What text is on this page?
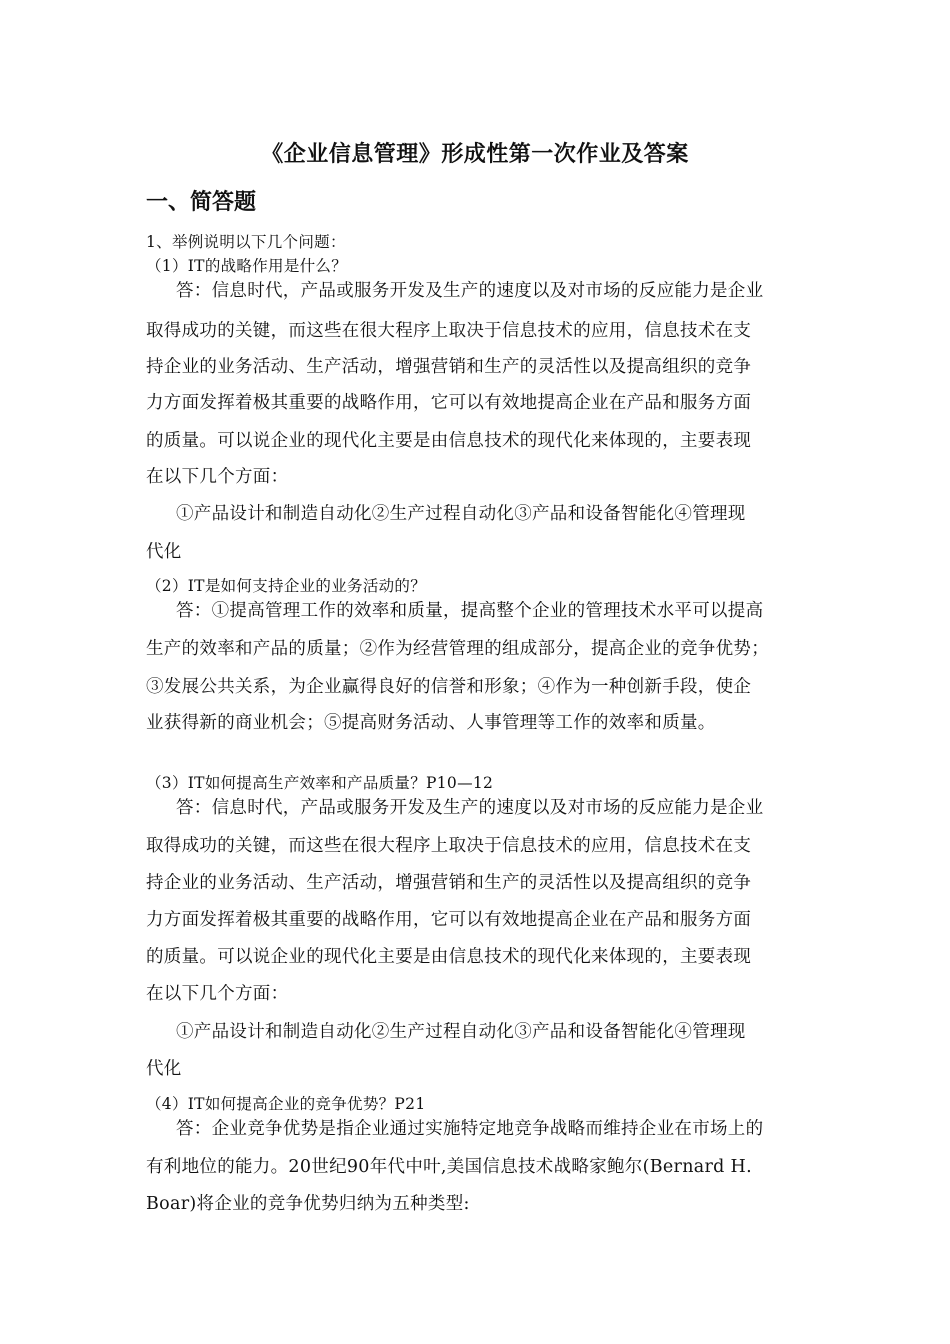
《企业信息管理》形成性第一次作业及答案
一、简答题
1、举例说明以下几个问题：
（1）IT的战略作用是什么？
答：信息时代，产品或服务开发及生产的速度以及对市场的反应能力是企业
取得成功的关键，而这些在很大程序上取决于信息技术的应用，信息技术在支
持企业的业务活动、生产活动，增强营销和生产的灵活性以及提高组织的竞争
力方面发挥着极其重要的战略作用，它可以有效地提高企业在产品和服务方面
的质量。可以说企业的现代化主要是由信息技术的现代化来体现的，主要表现
在以下几个方面：
①产品设计和制造自动化②生产过程自动化③产品和设备智能化④管理现
代化
（2）IT是如何支持企业的业务活动的？
答：①提高管理工作的效率和质量，提高整个企业的管理技术水平可以提高
生产的效率和产品的质量；②作为经营管理的组成部分，提高企业的竞争优势；
③发展公共关系，为企业赢得良好的信誉和形象；④作为一种创新手段，使企
业获得新的商业机会；⑤提高财务活动、人事管理等工作的效率和质量。
（3）IT如何提高生产效率和产品质量？P10—12
答：信息时代，产品或服务开发及生产的速度以及对市场的反应能力是企业
取得成功的关键，而这些在很大程序上取决于信息技术的应用，信息技术在支
持企业的业务活动、生产活动，增强营销和生产的灵活性以及提高组织的竞争
力方面发挥着极其重要的战略作用，它可以有效地提高企业在产品和服务方面
的质量。可以说企业的现代化主要是由信息技术的现代化来体现的，主要表现
在以下几个方面：
①产品设计和制造自动化②生产过程自动化③产品和设备智能化④管理现
代化
（4）IT如何提高企业的竞争优势？P21
答：企业竞争优势是指企业通过实施特定地竞争战略而维持企业在市场上的
有利地位的能力。20世纪90年代中叶,美国信息技术战略家鲍尔(Bernard H.
Boar)将企业的竞争优势归纳为五种类型:
